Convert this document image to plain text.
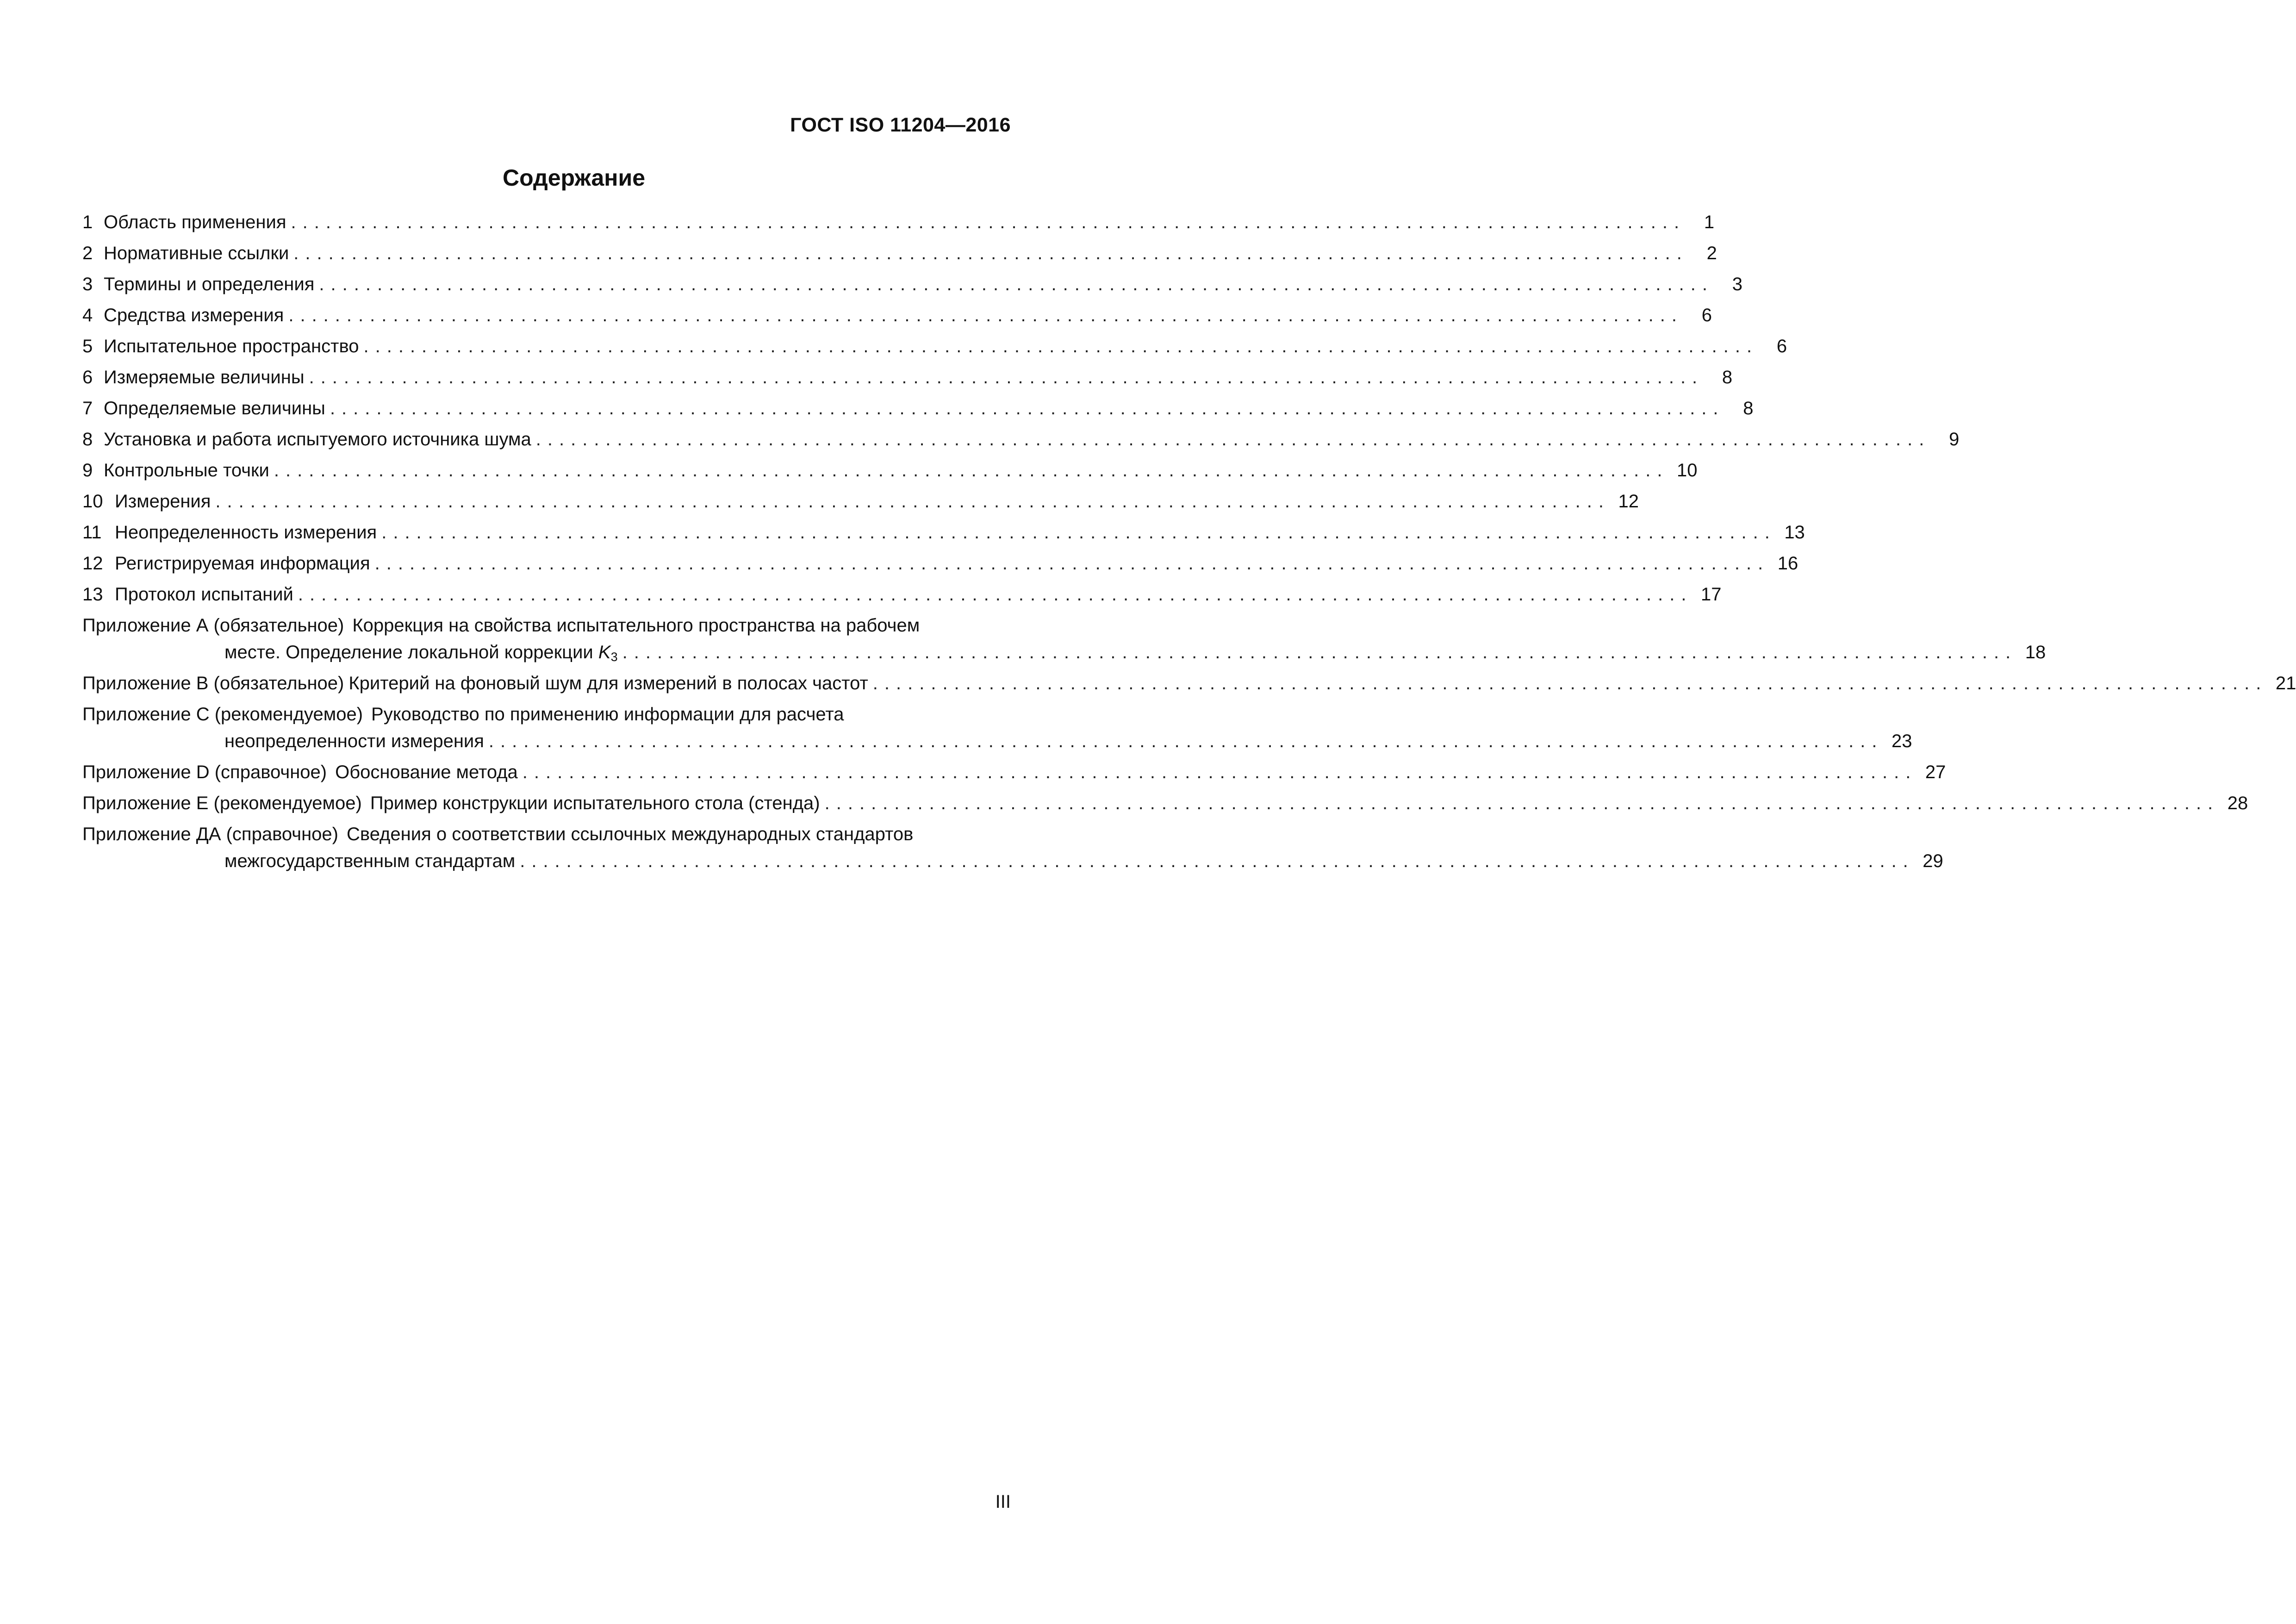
ГОСТ ISO 11204—2016
Содержание
1 Область применения ........................................................................................................................ 1
2 Нормативные ссылки ........................................................................................................................ 2
3 Термины и определения ........................................................................................................................ 3
4 Средства измерения ........................................................................................................................ 6
5 Испытательное пространство ........................................................................................................................ 6
6 Измеряемые величины ........................................................................................................................ 8
7 Определяемые величины ........................................................................................................................ 8
8 Установка и работа испытуемого источника шума ........................................................................................................................ 9
9 Контрольные точки ........................................................................................................................ 10
10 Измерения ........................................................................................................................ 12
11 Неопределенность измерения ........................................................................................................................ 13
12 Регистрируемая информация ........................................................................................................................ 16
13 Протокол испытаний ........................................................................................................................ 17
Приложение А (обязательное) Коррекция на свойства испытательного пространства на рабочем
месте. Определение локальной коррекции $K_3$ ........................................................................................................................ 18
Приложение В (обязательное) Критерий на фоновый шум для измерений в полосах частот ........................................................................................................................ 21
Приложение С (рекомендуемое) Руководство по применению информации для расчета
неопределенности измерения ........................................................................................................................ 23
Приложение D (справочное) Обоснование метода ........................................................................................................................ 27
Приложение Е (рекомендуемое) Пример конструкции испытательного стола (стенда) ........................................................................................................................ 28
Приложение ДА (справочное) Сведения о соответствии ссылочных международных стандартов
межгосударственным стандартам ........................................................................................................................ 29
III
